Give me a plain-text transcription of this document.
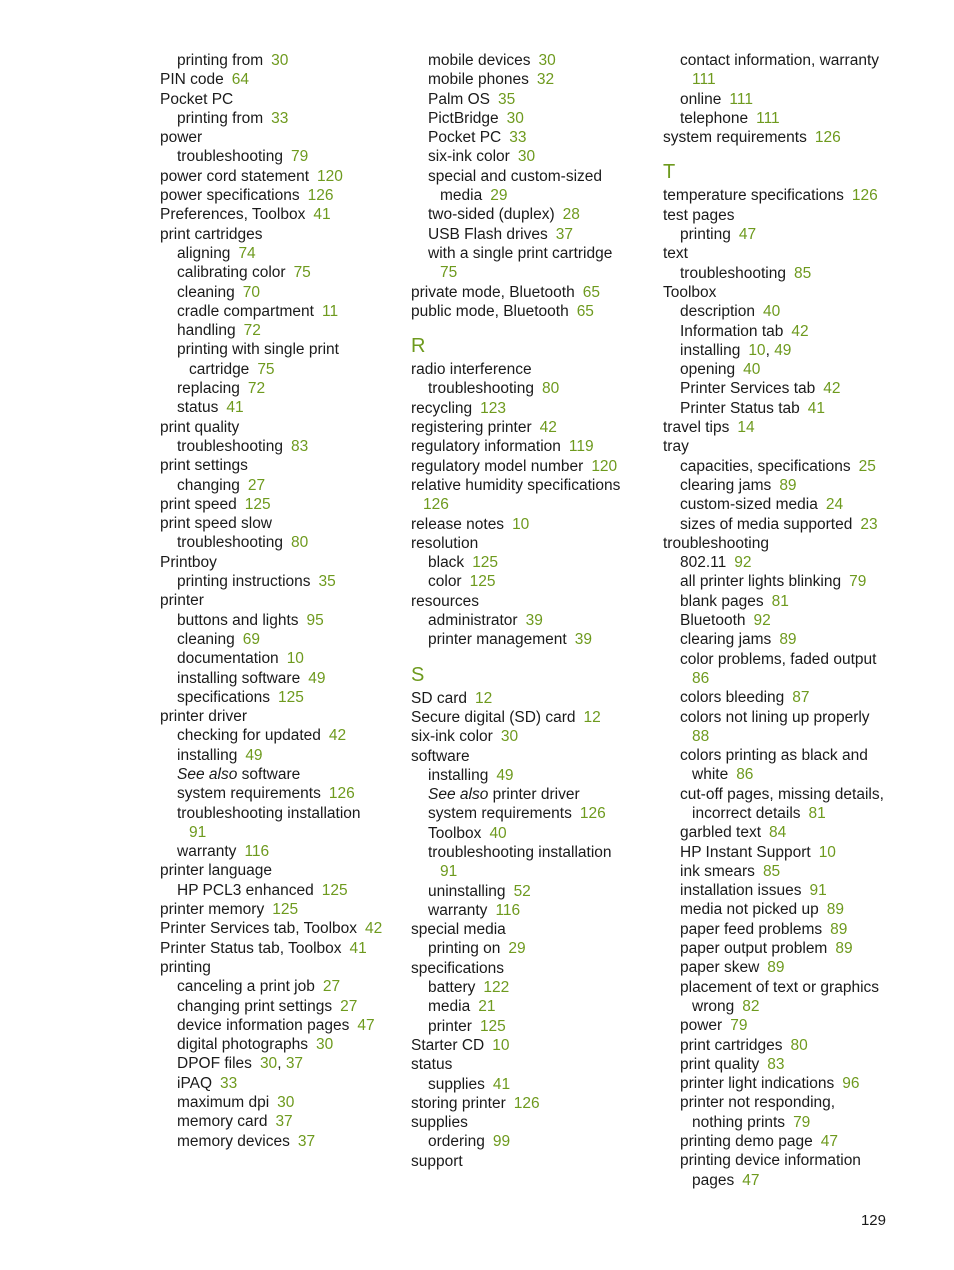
printing from 30
PIN code 64
Pocket PC
printing from 33
power
troubleshooting 79
power cord statement 120
power specifications 126
Preferences, Toolbox 41
print cartridges
aligning 74
calibrating color 75
cleaning 70
cradle compartment 11
handling 72
printing with single print
cartridge 75
replacing 72
status 41
print quality
troubleshooting 83
print settings
changing 27
print speed 125
print speed slow
troubleshooting 80
Printboy
printing instructions 35
printer
buttons and lights 95
cleaning 69
documentation 10
installing software 49
specifications 125
printer driver
checking for updated 42
installing 49
See also software
system requirements 126
troubleshooting installation
91
warranty 116
printer language
HP PCL3 enhanced 125
printer memory 125
Printer Services tab, Toolbox 42
Printer Status tab, Toolbox 41
printing
canceling a print job 27
changing print settings 27
device information pages 47
digital photographs 30
DPOF files 30, 37
iPAQ 33
maximum dpi 30
memory card 37
memory devices 37
mobile devices 30
mobile phones 32
Palm OS 35
PictBridge 30
Pocket PC 33
six-ink color 30
special and custom-sized
media 29
two-sided (duplex) 28
USB Flash drives 37
with a single print cartridge
75
private mode, Bluetooth 65
public mode, Bluetooth 65
R
radio interference
troubleshooting 80
recycling 123
registering printer 42
regulatory information 119
regulatory model number 120
relative humidity specifications
126
release notes 10
resolution
black 125
color 125
resources
administrator 39
printer management 39
S
SD card 12
Secure digital (SD) card 12
six-ink color 30
software
installing 49
See also printer driver
system requirements 126
Toolbox 40
troubleshooting installation
91
uninstalling 52
warranty 116
special media
printing on 29
specifications
battery 122
media 21
printer 125
Starter CD 10
status
supplies 41
storing printer 126
supplies
ordering 99
support
contact information, warranty
111
online 111
telephone 111
system requirements 126
T
temperature specifications 126
test pages
printing 47
text
troubleshooting 85
Toolbox
description 40
Information tab 42
installing 10, 49
opening 40
Printer Services tab 42
Printer Status tab 41
travel tips 14
tray
capacities, specifications 25
clearing jams 89
custom-sized media 24
sizes of media supported 23
troubleshooting
802.11 92
all printer lights blinking 79
blank pages 81
Bluetooth 92
clearing jams 89
color problems, faded output
86
colors bleeding 87
colors not lining up properly
88
colors printing as black and
white 86
cut-off pages, missing details,
incorrect details 81
garbled text 84
HP Instant Support 10
ink smears 85
installation issues 91
media not picked up 89
paper feed problems 89
paper output problem 89
paper skew 89
placement of text or graphics
wrong 82
power 79
print cartridges 80
print quality 83
printer light indications 96
printer not responding,
nothing prints 79
printing demo page 47
printing device information
pages 47
129
